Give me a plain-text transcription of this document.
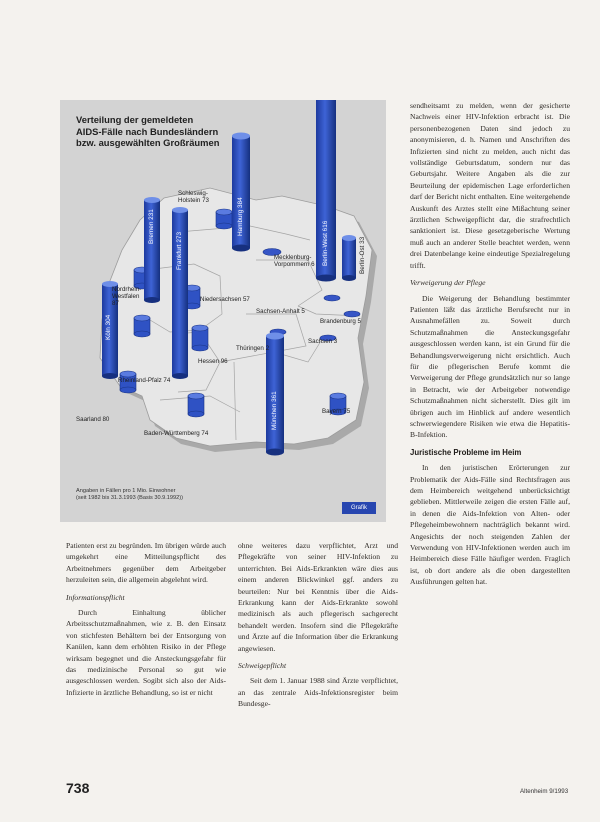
Verteilung der gemeldeten
AIDS-Fälle nach Bundesländern
bzw. ausgewählten Großräumen
Schleswig-
Holstein 73
Mecklenburg-
Vorpommern 6
Nordrhein-
Westfalen
87
Niedersachsen 57
Sachsen-Anhalt 5
Brandenburg 5
Hessen 96
Thüringen 2
Sachsen 3
Rheinland-Pfalz 74
Saarland 80
Bayern 75
Baden-Württemberg 74
Köln 304
Bremen 231
Frankfurt 273
Hamburg 384
Berlin-West 616	Berlin-Ost 33
München 361
Angaben in Fällen pro 1 Mio. Einwohner
(seit 1982 bis 31.3.1993 (Basis 30.9.1992))
Grafik

sendheitsamt zu melden, wenn der gesicherte Nachweis einer HIV-Infektion erbracht ist. Die personenbezogenen Daten sind jedoch zu anonymisieren, d. h. Namen und Anschriften des Infizierten sind nicht zu melden, auch nicht das vollständige Geburtsdatum, sondern nur das Geburtsjahr. Weitere Angaben als die zur Beurteilung der epidemischen Lage erforderlichen darf der Bericht nicht enthalten. Eine weitergehende Auskunft des Arztes stellt eine Mißachtung seiner ärztlichen Schweigepflicht dar, die strafrechtlich sanktioniert ist. Diese gesetzgeberische Wertung muß auch an anderer Stelle beachtet werden, wenn drei Datenbelange keine eindeutige Spezialregelung trifft.

Verweigerung der Pflege

Die Weigerung der Behandlung bestimmter Patienten läßt das ärztliche Berufsrecht nur in Ausnahmefällen zu. Soweit durch Schutzmaßnahmen die Ansteckungsgefahr ausgeschlossen werden kann, ist ein Grund für die Behandlungsverweigerung nicht ersichtlich. Auch für die pflegerischen Berufe kommt die Verweigerung der Pflege grundsätzlich nur so lange in Betracht, wie der Arbeitgeber notwendige Schutzmaßnahmen nicht sicherstellt. Dies gilt im übrigen auch im Hinblick auf andere wesentlich schwerwiegendere Risiken wie etwa die Hepatitis-B-Infektion.

Juristische Probleme im Heim

In den juristischen Erörterungen zur Problematik der Aids-Fälle sind Rechtsfragen aus dem Heimbereich weitgehend unberücksichtigt geblieben. Mittlerweile zeigen die ersten Fälle auf, in denen die Aids-Infektion von Alten- oder Pflegeheimbewohnern nachträglich bekannt wird. Angesichts der noch steigenden Zahlen der Verwendung von HIV-Infektionen werden auch im Heimbereich diese Fälle häufiger werden. Fraglich ist, ob dort andere als die oben dargestellten Ausführungen gelten hat.

Patienten erst zu begründen. Im übrigen würde auch umgekehrt eine Mitteilungspflicht des Arbeitnehmers gegenüber dem Arbeitgeber herzuleiten sein, die allgemein abgelehnt wird.

Informationspflicht

Durch Einhaltung üblicher Arbeitsschutzmaßnahmen, wie z. B. den Einsatz von stichfesten Behältern bei der Entsorgung von Kanülen, kann dem erhöhten Risiko in der Pflege wirksam begegnet und die Ansteckungsgefahr für das medizinische Personal so gut wie ausgeschlossen werden. Sogibt sich also der Aids-Infizierte in ärztliche Behandlung, so ist er nicht

ohne weiteres dazu verpflichtet, Arzt und Pflegekräfte von seiner HIV-Infektion zu unterrichten. Bei Aids-Erkrankten wäre dies aus einem anderen Blickwinkel ggf. anders zu beurteilen: Nur bei Kenntnis über die Aids-Erkrankung kann der Aids-Erkrankte sowohl medizinisch als auch pflegerisch sachgerecht behandelt werden. Insofern sind die Pflegekräfte und Ärzte auf die Information über die Erkrankung angewiesen.

Schweigepflicht

Seit dem 1. Januar 1988 sind Ärzte verpflichtet, an das zentrale Aids-Infektionsregister beim Bundesge-

738	Altenheim 9/1993
